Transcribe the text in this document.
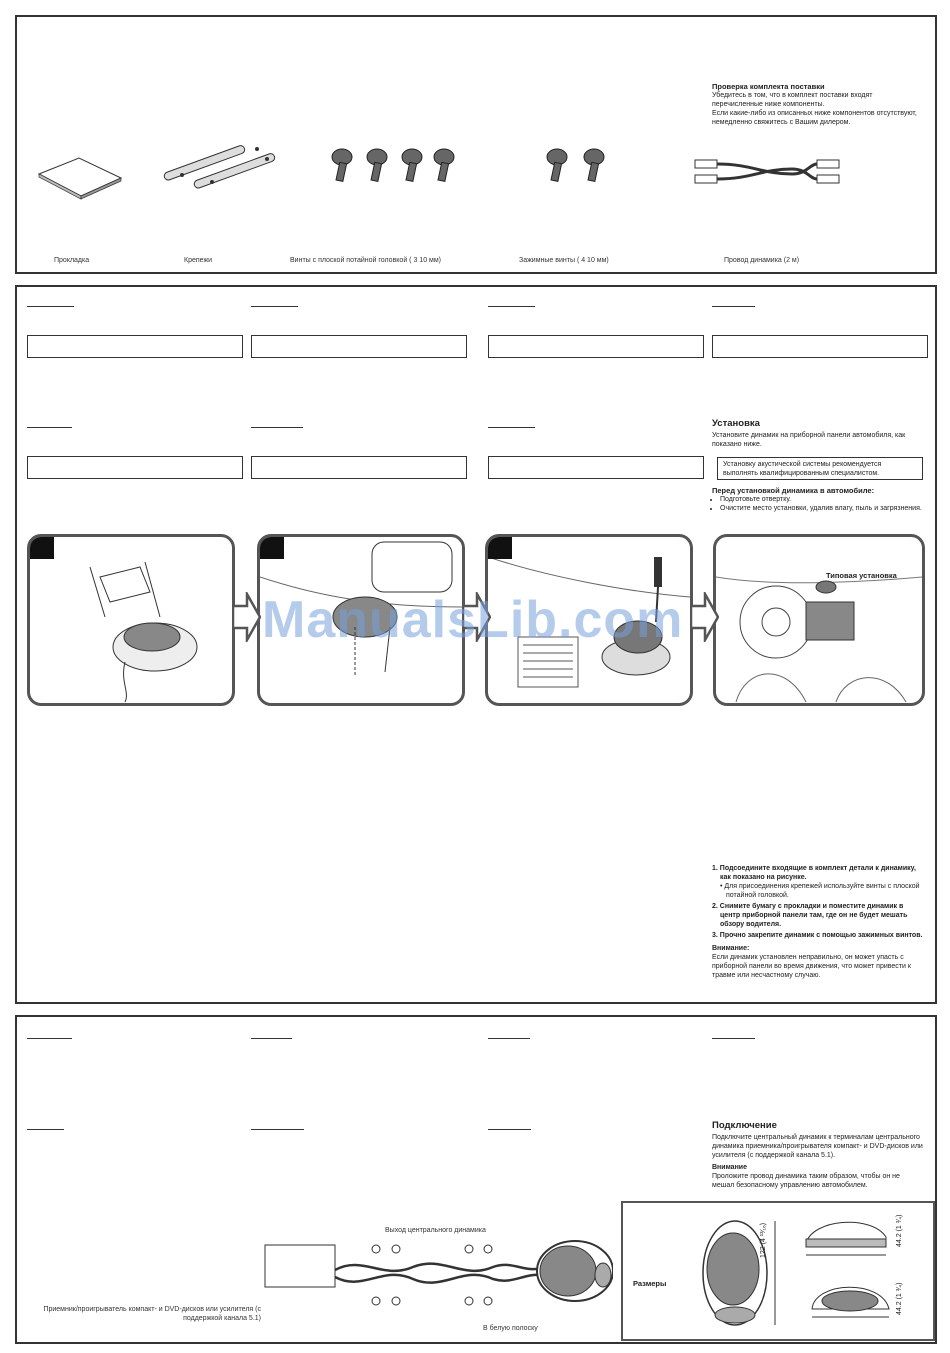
Проверка комплекта поставки
Убедитесь в том, что в комплект поставки входят перечисленные ниже компоненты.
Если какие-либо из описанных ниже компонентов отсутствуют, немедленно свяжитесь с Вашим дилером.
Прокладка	Крепежи	Винты с плоской потайной головкой ( 3 10 мм)	Зажимные винты ( 4 10 мм)	Провод динамика (2 м)
Установка
Установите динамик на приборной панели автомобиля, как показано ниже.
Установку акустической системы рекомендуется выполнять квалифицированным специалистом.
Перед установкой динамика в автомобиле:
• Подготовьте отвертку.
• Очистите место установки, удалив влагу, пыль и загрязнения.
Типовая установка
1. Подсоедините входящие в комплект детали к динамику, как показано на рисунке.
• Для присоединения крепежей используйте винты с плоской потайной головкой.
2. Снимите бумагу с прокладки и поместите динамик в центр приборной панели там, где он не будет мешать обзору водителя.
3. Прочно закрепите динамик с помощью зажимных винтов.
Внимание:
Если динамик установлен неправильно, он может упасть с приборной панели во время движения, что может привести к травме или несчастному случаю.
ManualsLib.com
Подключение
Подключите центральный динамик к терминалам центрального динамика приемника/проигрывателя компакт- и DVD-дисков или усилителя (с поддержкой канала 5.1).
Внимание
Проложите провод динамика таким образом, чтобы он не мешал безопасному управлению автомобилем.
Выход центрального динамика
Приемник/проигрыватель компакт- и DVD-дисков или усилителя (с поддержкой канала 5.1)
В белую полоску
Размеры
122 (4 ¹³⁄₁₆)	44.2 (1 ³⁄₄)
44.2 (1 ³⁄₄)
